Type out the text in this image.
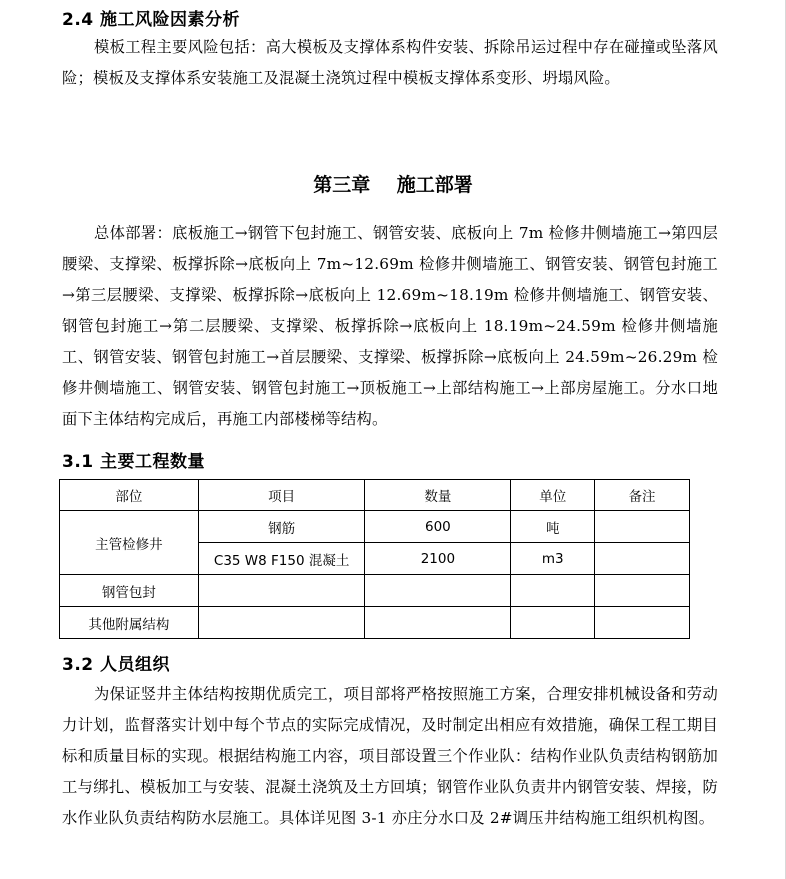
2.4 施工风险因素分析
模板工程主要风险包括：高大模板及支撑体系构件安装、拆除吊运过程中存在碰撞或坠落风险；模板及支撑体系安装施工及混凝土浇筑过程中模板支撑体系变形、坍塌风险。
第三章    施工部署
总体部署：底板施工→钢管下包封施工、钢管安装、底板向上 7m 检修井侧墙施工→第四层腰梁、支撑梁、板撑拆除→底板向上 7m~12.69m 检修井侧墙施工、钢管安装、钢管包封施工→第三层腰梁、支撑梁、板撑拆除→底板向上 12.69m~18.19m 检修井侧墙施工、钢管安装、钢管包封施工→第二层腰梁、支撑梁、板撑拆除→底板向上 18.19m~24.59m 检修井侧墙施工、钢管安装、钢管包封施工→首层腰梁、支撑梁、板撑拆除→底板向上 24.59m~26.29m 检修井侧墙施工、钢管安装、钢管包封施工→顶板施工→上部结构施工→上部房屋施工。分水口地面下主体结构完成后，再施工内部楼梯等结构。
3.1 主要工程数量
部位	项目	数量	单位	备注
主管检修井	钢筋	600	吨	
	C35 W8 F150 混凝土	2100	m3	
钢管包封				
其他附属结构				
3.2 人员组织
为保证竖井主体结构按期优质完工，项目部将严格按照施工方案，合理安排机械设备和劳动力计划，监督落实计划中每个节点的实际完成情况，及时制定出相应有效措施，确保工程工期目标和质量目标的实现。根据结构施工内容，项目部设置三个作业队：结构作业队负责结构钢筋加工与绑扎、模板加工与安装、混凝土浇筑及土方回填；钢管作业队负责井内钢管安装、焊接，防水作业队负责结构防水层施工。具体详见图 3-1 亦庄分水口及 2#调压井结构施工组织机构图。
